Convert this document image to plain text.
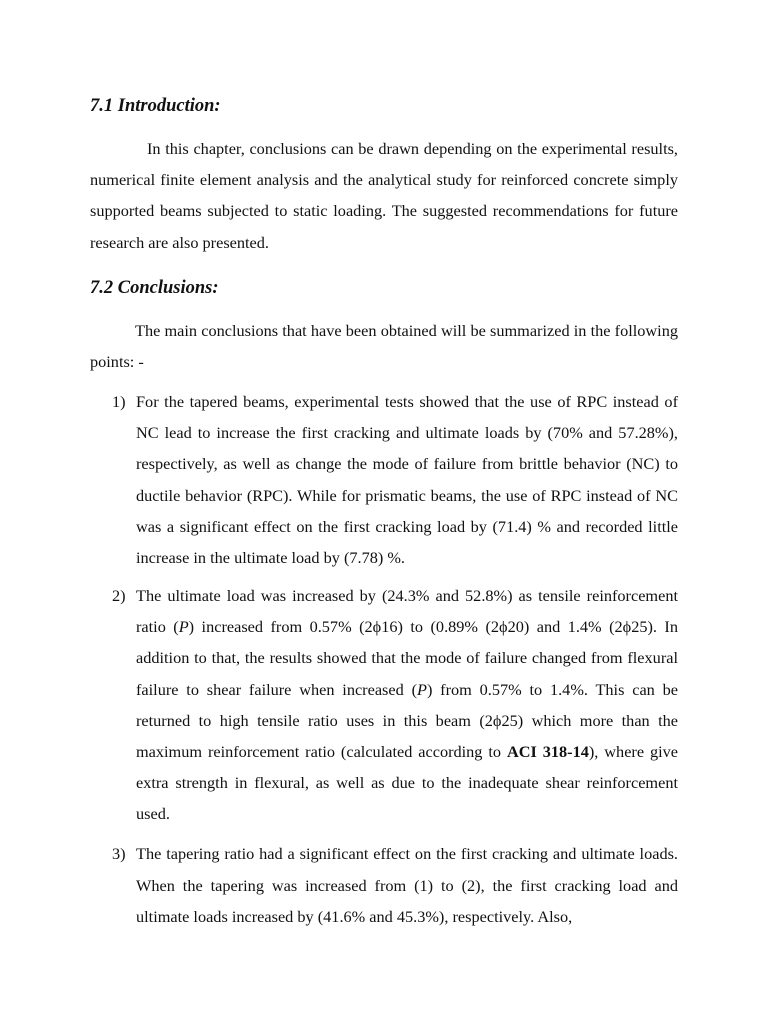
7.1 Introduction:

In this chapter, conclusions can be drawn depending on the experimental results, numerical finite element analysis and the analytical study for reinforced concrete simply supported beams subjected to static loading. The suggested recommendations for future research are also presented.

7.2 Conclusions:

The main conclusions that have been obtained will be summarized in the following points: -

1) For the tapered beams, experimental tests showed that the use of RPC instead of NC lead to increase the first cracking and ultimate loads by (70% and 57.28%), respectively, as well as change the mode of failure from brittle behavior (NC) to ductile behavior (RPC). While for prismatic beams, the use of RPC instead of NC was a significant effect on the first cracking load by (71.4) % and recorded little increase in the ultimate load by (7.78) %.
2) The ultimate load was increased by (24.3% and 52.8%) as tensile reinforcement ratio (P) increased from 0.57% (2ϕ16) to (0.89% (2ϕ20) and 1.4% (2ϕ25). In addition to that, the results showed that the mode of failure changed from flexural failure to shear failure when increased (P) from 0.57% to 1.4%. This can be returned to high tensile ratio uses in this beam (2ϕ25) which more than the maximum reinforcement ratio (calculated according to ACI 318-14), where give extra strength in flexural, as well as due to the inadequate shear reinforcement used.
3) The tapering ratio had a significant effect on the first cracking and ultimate loads. When the tapering was increased from (1) to (2), the first cracking load and ultimate loads increased by (41.6% and 45.3%), respectively. Also,
